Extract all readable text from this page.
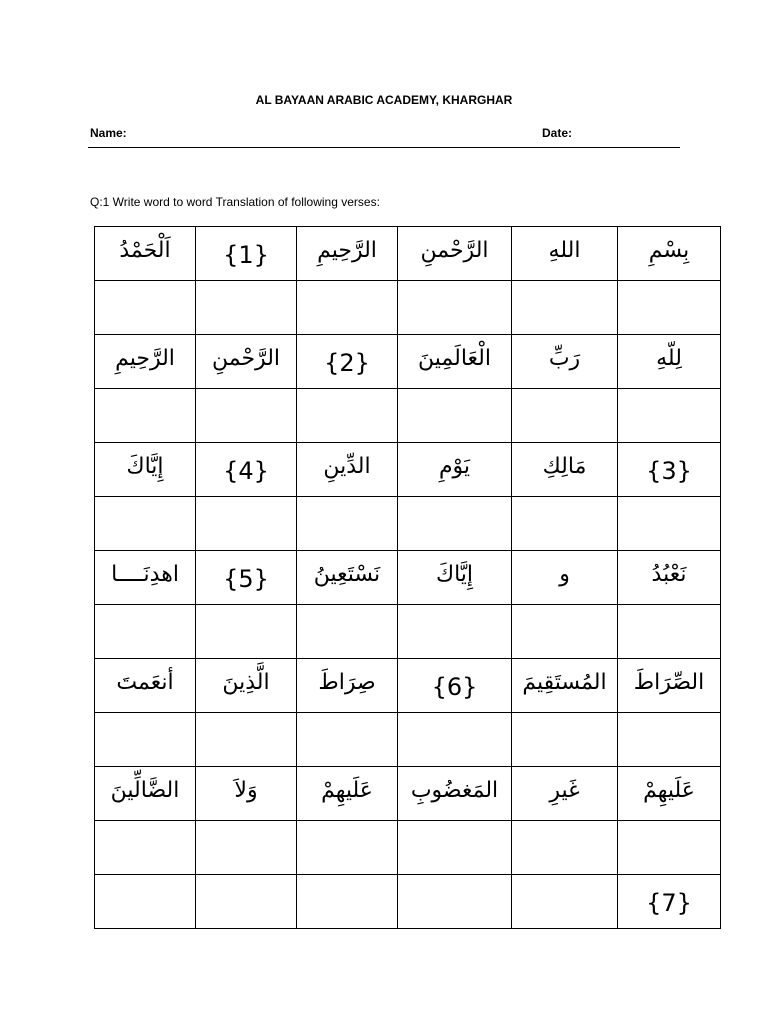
AL BAYAAN ARABIC ACADEMY, KHARGHAR
Name:	Date:
Q:1 Write word to word Translation of following verses:
اَلْحَمْدُ	{1}	الرَّحِيمِ	الرَّحْمنِ	اللهِ	بِسْمِ

الرَّحِيمِ	الرَّحْمنِ	{2}	الْعَالَمِينَ	رَبِّ	لِلّهِ

إِيَّاكَ	{4}	الدِّينِ	يَوْمِ	مَالِكِ	{3}

اهدِنَــــا	{5}	نَسْتَعِينُ	إِيَّاكَ	و	نَعْبُدُ

أنعَمتَ	الَّذِينَ	صِرَاطَ	{6}	المُستَقِيمَ	الصِّرَاطَ

الضَّالِّينَ	وَلاَ	عَلَيهِمْ	المَغضُوبِ	غَيرِ	عَلَيهِمْ

					{7}
